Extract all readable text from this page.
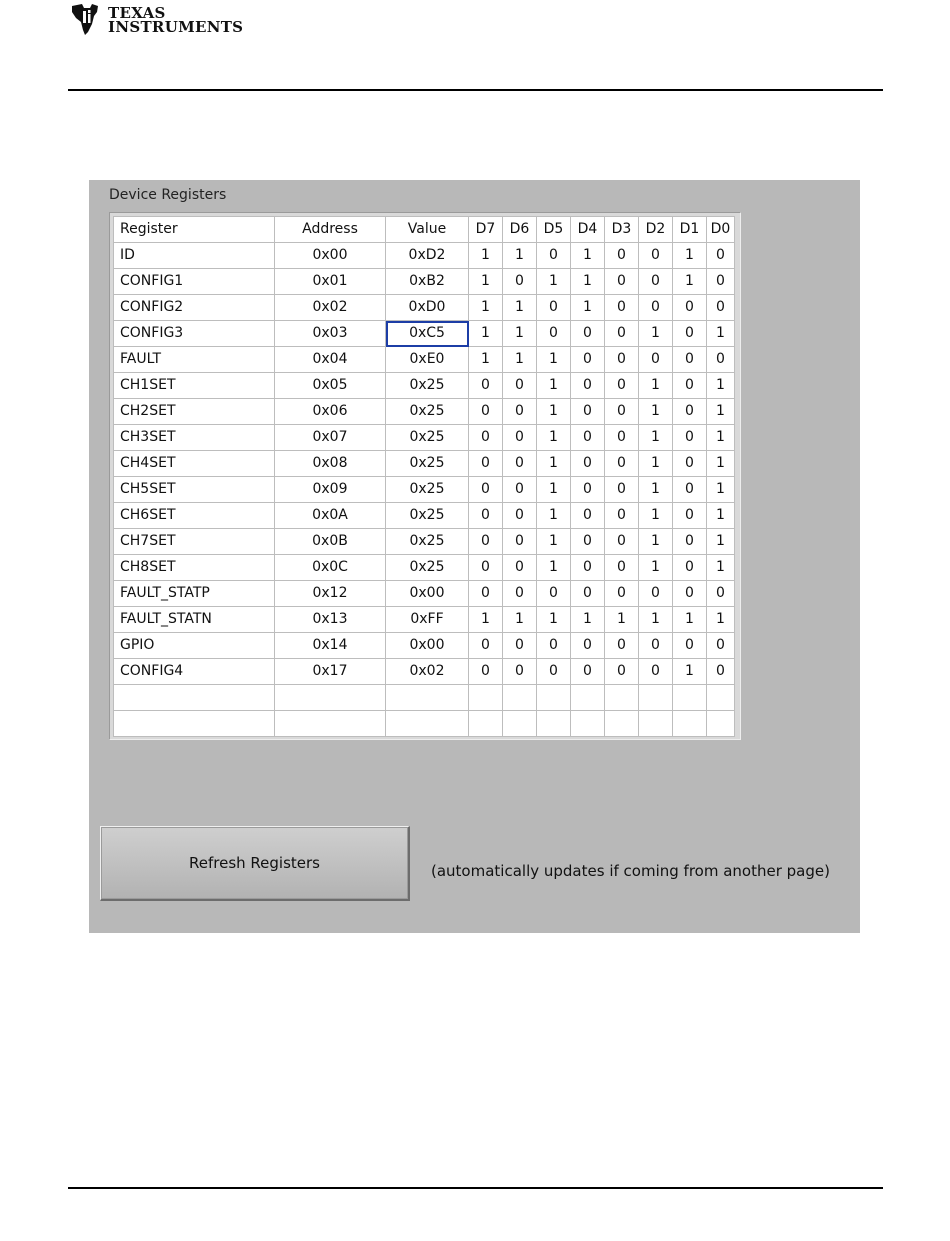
TEXAS
INSTRUMENTS
Device Registers
Register	Address	Value	D7	D6	D5	D4	D3	D2	D1	D0
ID	0x00	0xD2	1	1	0	1	0	0	1	0
CONFIG1	0x01	0xB2	1	0	1	1	0	0	1	0
CONFIG2	0x02	0xD0	1	1	0	1	0	0	0	0
CONFIG3	0x03	0xC5	1	1	0	0	0	1	0	1
FAULT	0x04	0xE0	1	1	1	0	0	0	0	0
CH1SET	0x05	0x25	0	0	1	0	0	1	0	1
CH2SET	0x06	0x25	0	0	1	0	0	1	0	1
CH3SET	0x07	0x25	0	0	1	0	0	1	0	1
CH4SET	0x08	0x25	0	0	1	0	0	1	0	1
CH5SET	0x09	0x25	0	0	1	0	0	1	0	1
CH6SET	0x0A	0x25	0	0	1	0	0	1	0	1
CH7SET	0x0B	0x25	0	0	1	0	0	1	0	1
CH8SET	0x0C	0x25	0	0	1	0	0	1	0	1
FAULT_STATP	0x12	0x00	0	0	0	0	0	0	0	0
FAULT_STATN	0x13	0xFF	1	1	1	1	1	1	1	1
GPIO	0x14	0x00	0	0	0	0	0	0	0	0
CONFIG4	0x17	0x02	0	0	0	0	0	0	1	0

Refresh Registers	(automatically updates if coming from another page)
